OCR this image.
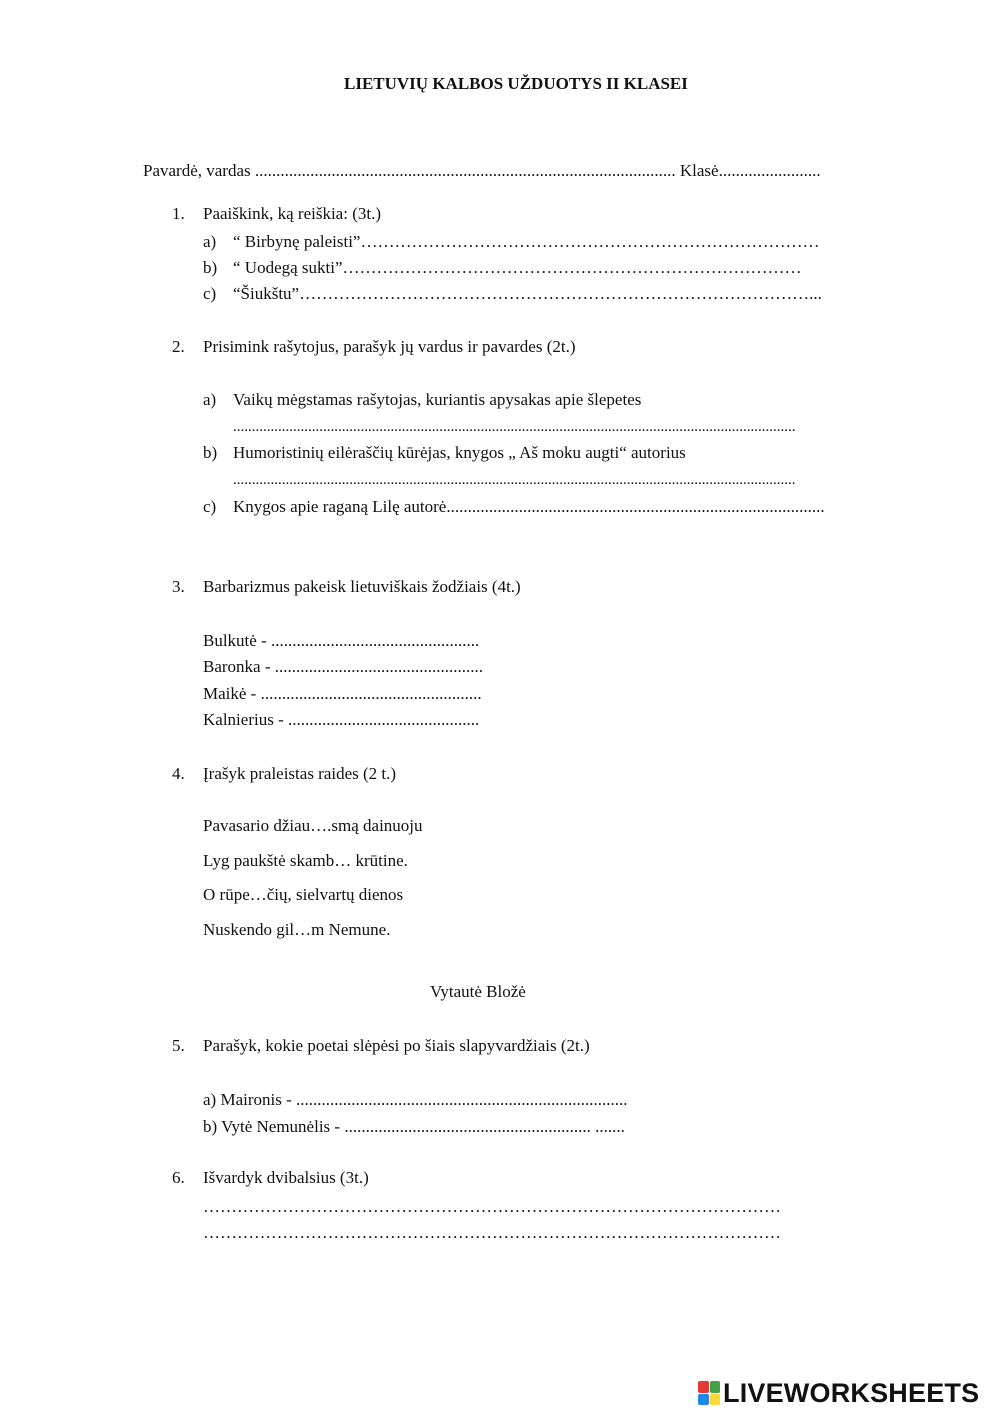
LIETUVIŲ KALBOS UŽDUOTYS II KLASEI
Pavardė, vardas ................................................................................................... Klasė........................
1. Paaiškink, ką reiškia: (3t.)
a) “ Birbynę paleisti”………………………………………………………………………
b) “ Uodegą sukti”………………………………………………………………………
c) “Šiukštu”………………………………………………………………………………...
2. Prisimink rašytojus, parašyk jų vardus ir pavardes (2t.)
a) Vaikų mėgstamas rašytojas, kuriantis apysakas apie šlepetes
......................................................................................................................................................
b) Humoristinių eilėraščių kūrėjas, knygos „ Aš moku augti“ autorius
......................................................................................................................................................
c) Knygos apie raganą Lilę autorė.........................................................................................
3. Barbarizmus pakeisk lietuviškais žodžiais (4t.)
Bulkutė - .................................................
Baronka - .................................................
Maikė - ....................................................
Kalnierius - .............................................
4. Įrašyk praleistas raides (2 t.)
Pavasario džiau….smą dainuoju
Lyg paukštė skamb… krūtine.
O rūpe…čių, sielvartų dienos
Nuskendo gil…m Nemune.
Vytautė Bložė
5. Parašyk, kokie poetai slėpėsi po šiais slapyvardžiais (2t.)
a) Maironis - ..............................................................................
b) Vytė Nemunėlis - .......................................................... .......
6. Išvardyk dvibalsius (3t.)
…………………………………………………………………………………………
…………………………………………………………………………………………
LIVEWORKSHEETS
